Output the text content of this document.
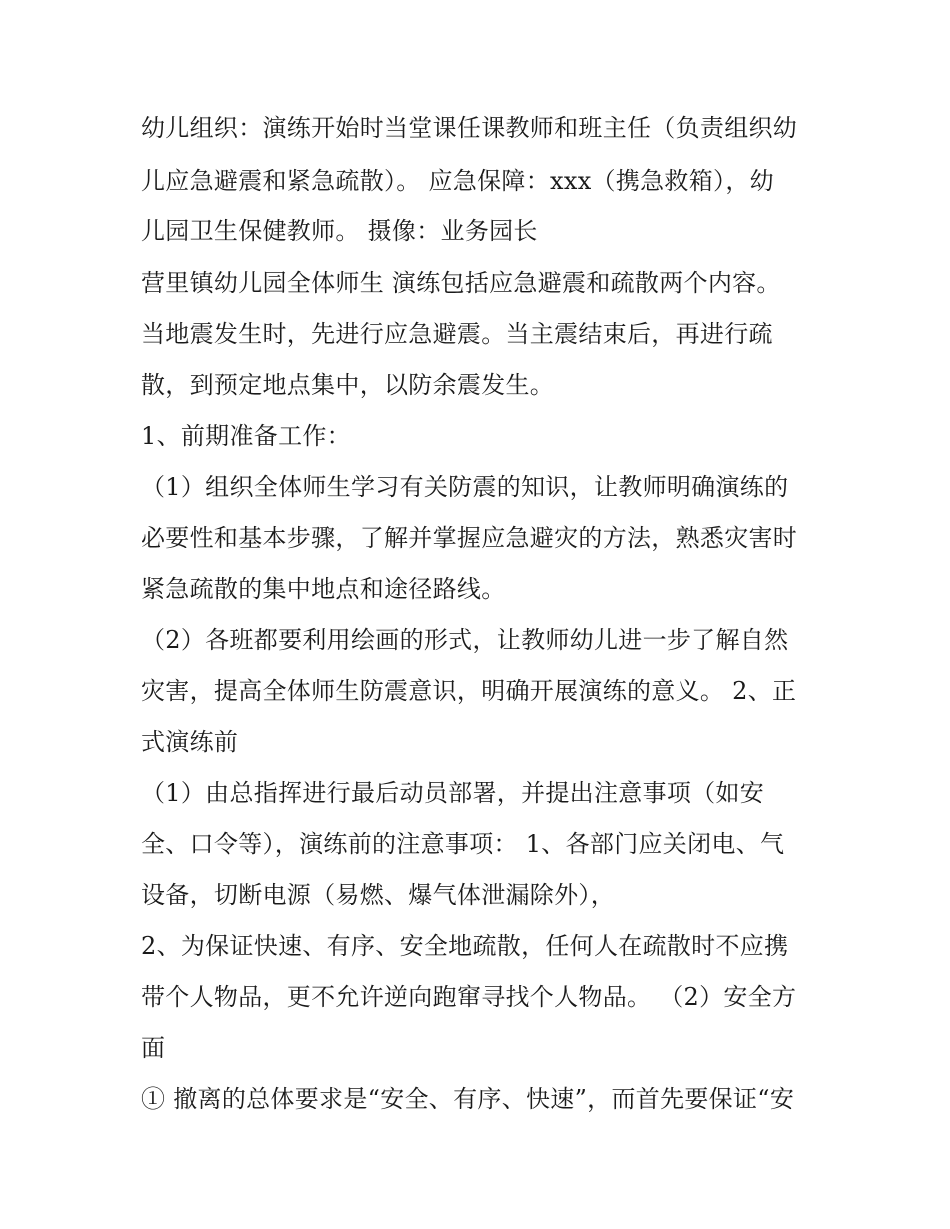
幼儿组织：演练开始时当堂课任课教师和班主任（负责组织幼
儿应急避震和紧急疏散）。 应急保障：xxx（携急救箱），幼
儿园卫生保健教师。 摄像：业务园长
营里镇幼儿园全体师生 演练包括应急避震和疏散两个内容。
当地震发生时，先进行应急避震。当主震结束后，再进行疏
散，到预定地点集中，以防余震发生。
1、前期准备工作：
（1）组织全体师生学习有关防震的知识，让教师明确演练的
必要性和基本步骤，了解并掌握应急避灾的方法，熟悉灾害时
紧急疏散的集中地点和途径路线。
（2）各班都要利用绘画的形式，让教师幼儿进一步了解自然
灾害，提高全体师生防震意识，明确开展演练的意义。 2、正
式演练前
（1）由总指挥进行最后动员部署，并提出注意事项（如安
全、口令等），演练前的注意事项： 1、各部门应关闭电、气
设备，切断电源（易燃、爆气体泄漏除外），
2、为保证快速、有序、安全地疏散，任何人在疏散时不应携
带个人物品，更不允许逆向跑窜寻找个人物品。 （2）安全方
面
① 撤离的总体要求是“安全、有序、快速”，而首先要保证“安
